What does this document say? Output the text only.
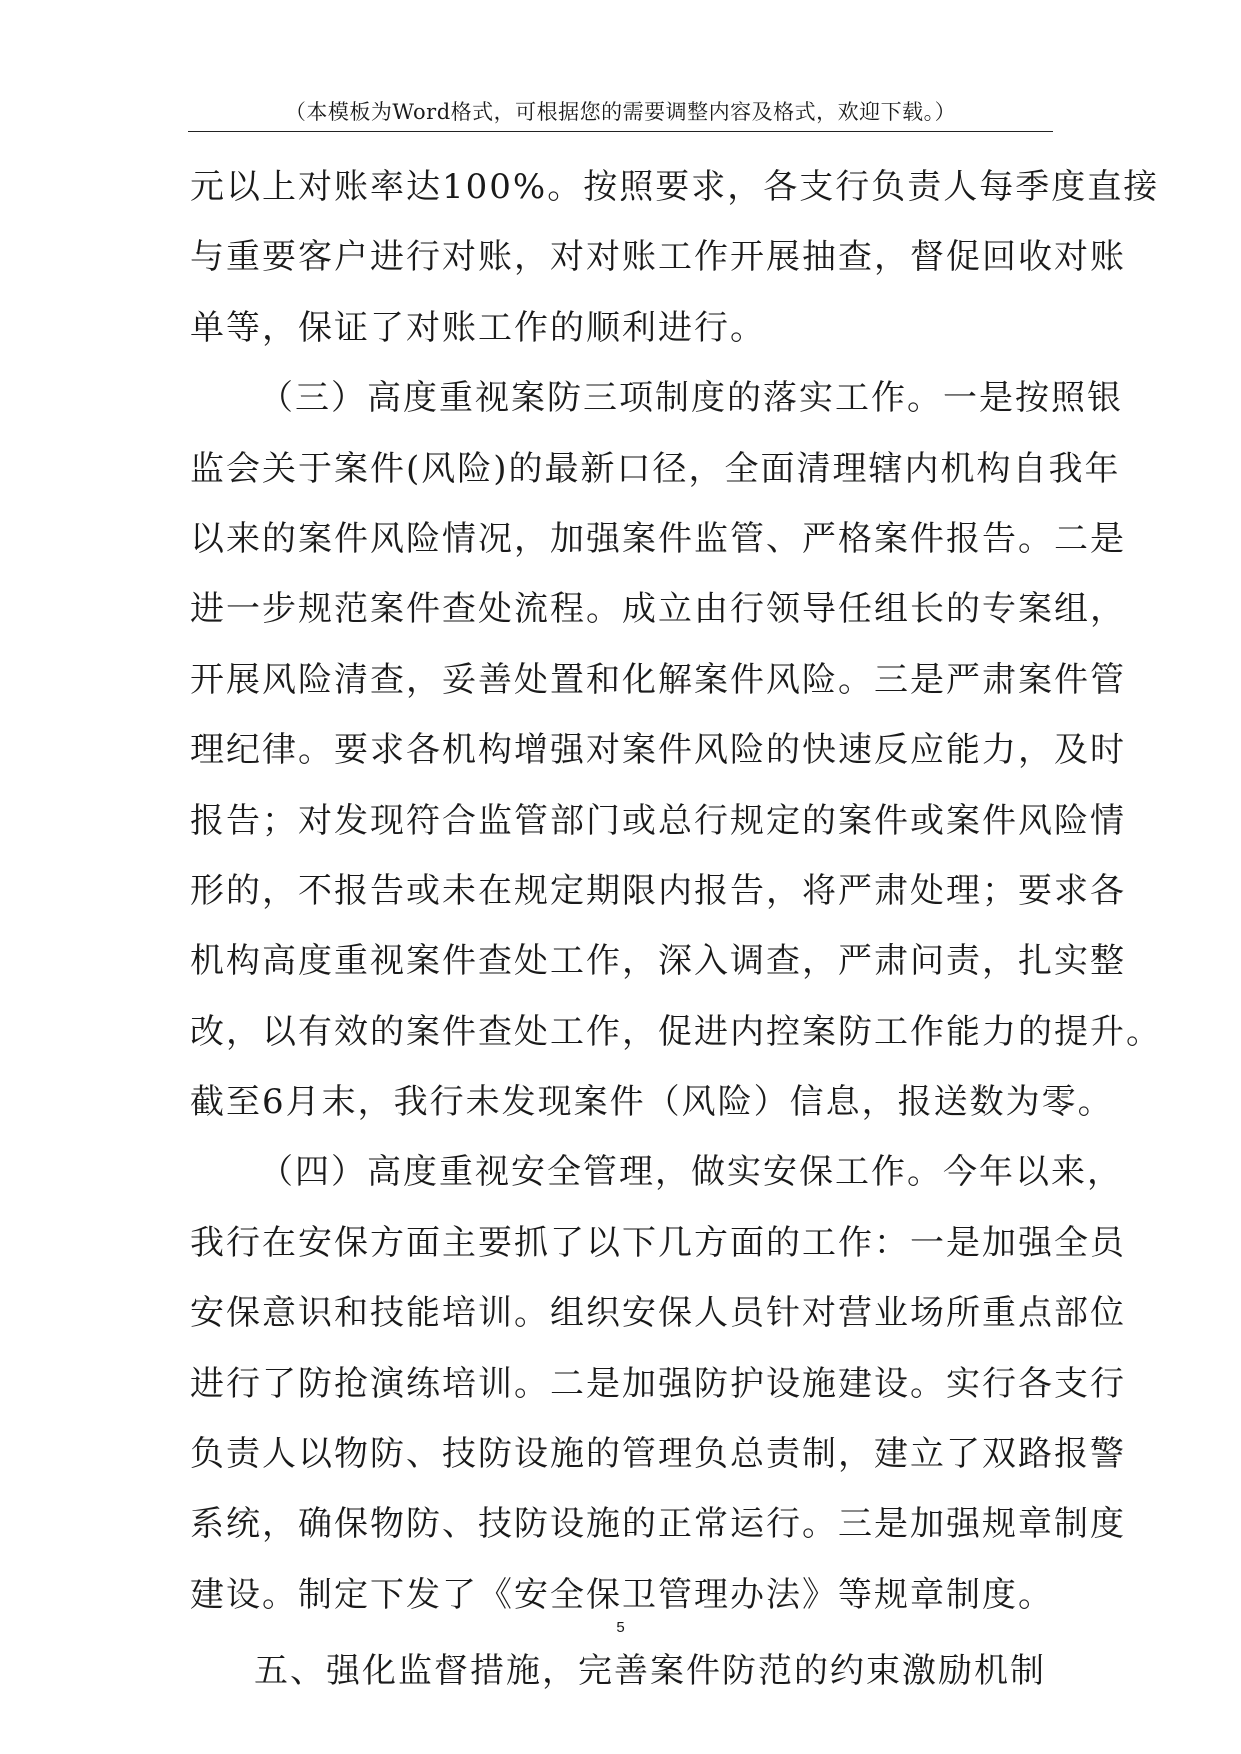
（本模板为Word格式，可根据您的需要调整内容及格式，欢迎下载。）
元以上对账率达100%。按照要求，各支行负责人每季度直接
与重要客户进行对账，对对账工作开展抽查，督促回收对账
单等，保证了对账工作的顺利进行。
（三）高度重视案防三项制度的落实工作。一是按照银
监会关于案件(风险)的最新口径，全面清理辖内机构自我年
以来的案件风险情况，加强案件监管、严格案件报告。二是
进一步规范案件查处流程。成立由行领导任组长的专案组，
开展风险清查，妥善处置和化解案件风险。三是严肃案件管
理纪律。要求各机构增强对案件风险的快速反应能力，及时
报告；对发现符合监管部门或总行规定的案件或案件风险情
形的，不报告或未在规定期限内报告，将严肃处理；要求各
机构高度重视案件查处工作，深入调查，严肃问责，扎实整
改，以有效的案件查处工作，促进内控案防工作能力的提升。
截至6月末，我行未发现案件（风险）信息，报送数为零。
（四）高度重视安全管理，做实安保工作。今年以来，
我行在安保方面主要抓了以下几方面的工作：一是加强全员
安保意识和技能培训。组织安保人员针对营业场所重点部位
进行了防抢演练培训。二是加强防护设施建设。实行各支行
负责人以物防、技防设施的管理负总责制，建立了双路报警
系统，确保物防、技防设施的正常运行。三是加强规章制度
建设。制定下发了《安全保卫管理办法》等规章制度。
五、强化监督措施，完善案件防范的约束激励机制
5
